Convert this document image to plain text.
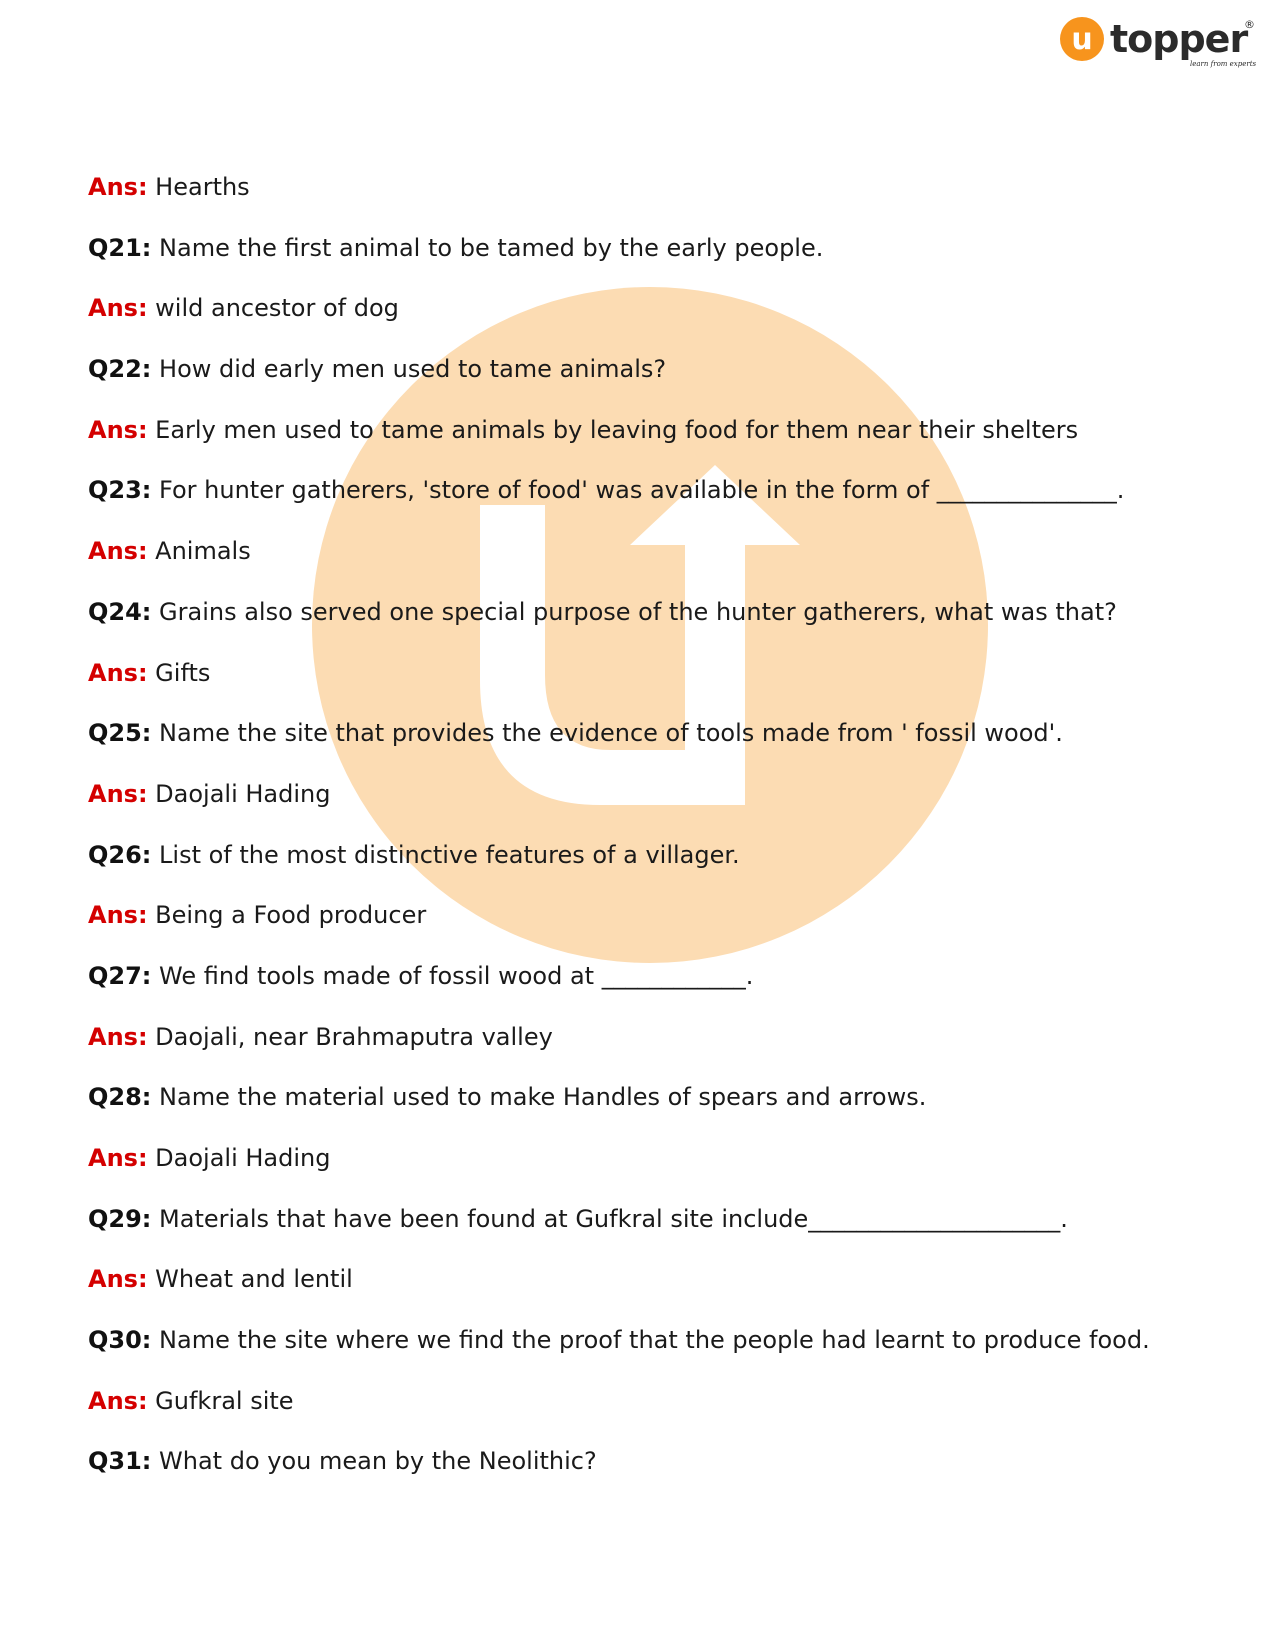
u topper
®
learn from experts
Ans: Hearths
Q21: Name the first animal to be tamed by the early people.
Ans: wild ancestor of dog
Q22: How did early men used to tame animals?
Ans: Early men used to tame animals by leaving food for them near their shelters
Q23: For hunter gatherers, 'store of food' was available in the form of _______________.
Ans: Animals
Q24: Grains also served one special purpose of the hunter gatherers, what was that?
Ans: Gifts
Q25: Name the site that provides the evidence of tools made from ' fossil wood'.
Ans: Daojali Hading
Q26: List of the most distinctive features of a villager.
Ans: Being a Food producer
Q27: We find tools made of fossil wood at ____________.
Ans: Daojali, near Brahmaputra valley
Q28: Name the material used to make Handles of spears and arrows.
Ans: Daojali Hading
Q29: Materials that have been found at Gufkral site include_____________________.
Ans: Wheat and lentil
Q30: Name the site where we find the proof that the people had learnt to produce food.
Ans: Gufkral site
Q31: What do you mean by the Neolithic?
